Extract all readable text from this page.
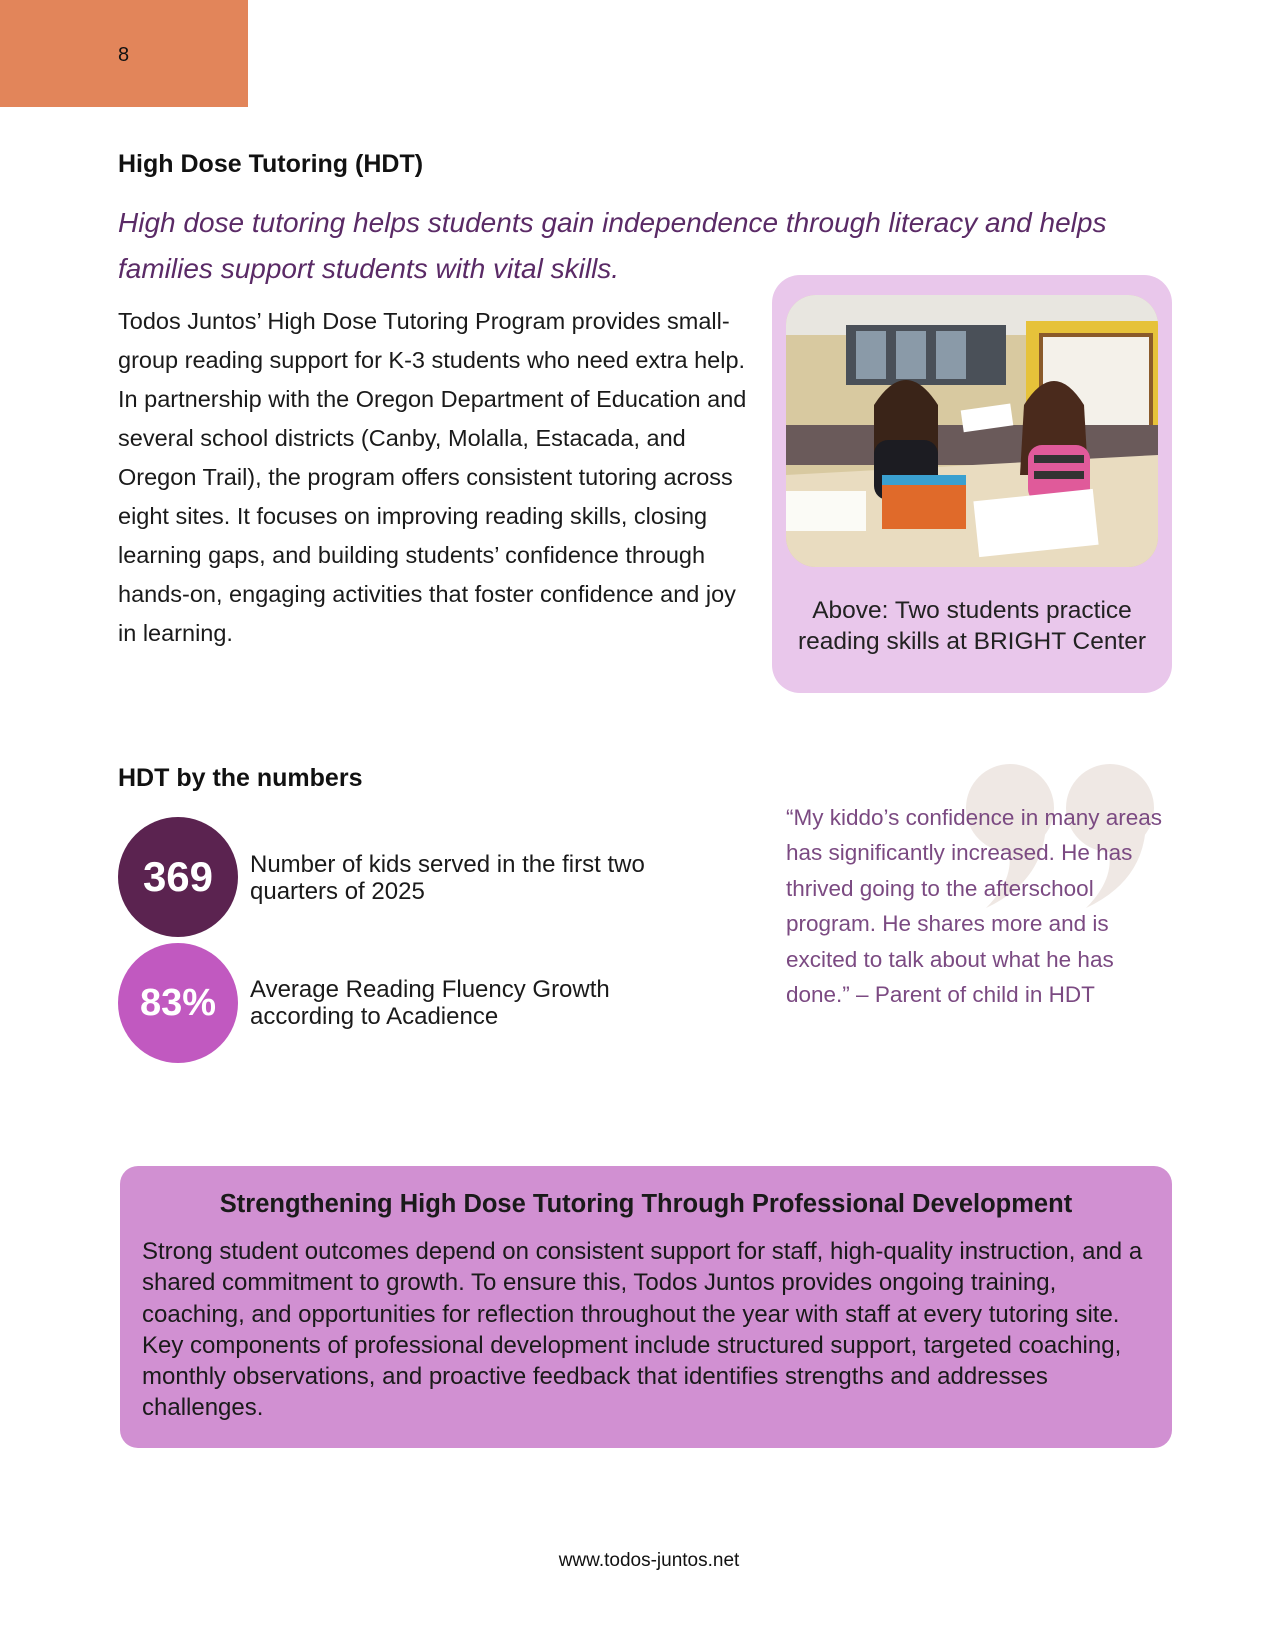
8
High Dose Tutoring (HDT)
High dose tutoring helps students gain independence through literacy and helps families support students with vital skills.
Todos Juntos’ High Dose Tutoring Program provides small-group reading support for K-3 students who need extra help. In partnership with the Oregon Department of Education and several school districts (Canby, Molalla, Estacada, and Oregon Trail), the program offers consistent tutoring across eight sites. It focuses on improving reading skills, closing learning gaps, and building students’ confidence through hands-on, engaging activities that foster confidence and joy in learning.
Above: Two students practice reading skills at BRIGHT Center
HDT by the numbers
369	Number of kids served in the first two quarters of 2025
83%	Average Reading Fluency Growth according to Acadience
“My kiddo’s confidence in many areas has significantly increased. He has thrived going to the afterschool program. He shares more and is excited to talk about what he has done.” – Parent of child in HDT
Strengthening High Dose Tutoring Through Professional Development
Strong student outcomes depend on consistent support for staff, high-quality instruction, and a shared commitment to growth. To ensure this, Todos Juntos provides ongoing training, coaching, and opportunities for reflection throughout the year with staff at every tutoring site. Key components of professional development include structured support, targeted coaching, monthly observations, and proactive feedback that identifies strengths and addresses challenges.
www.todos-juntos.net
